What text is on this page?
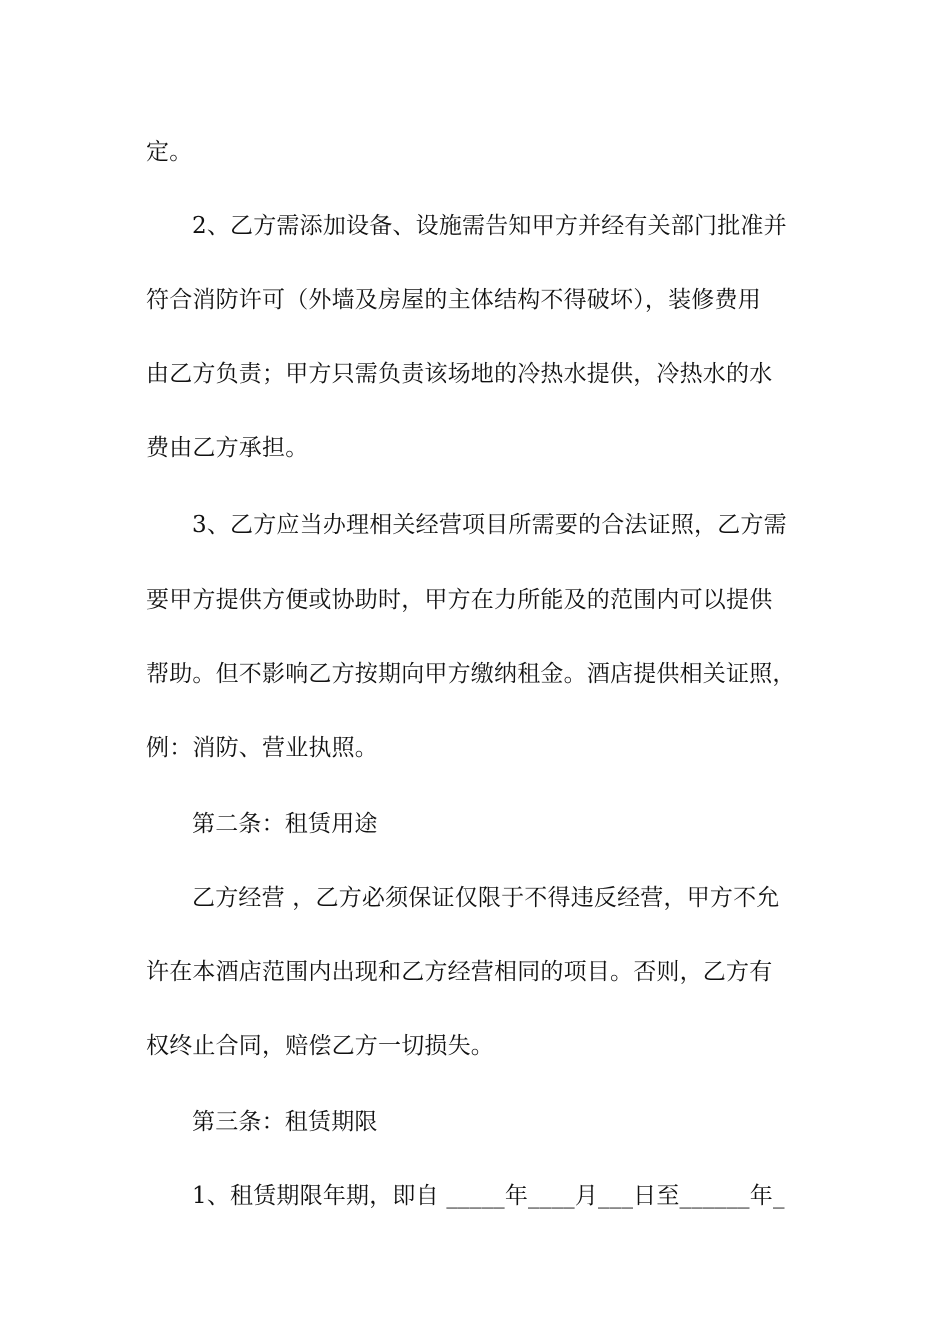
定。
2、乙方需添加设备、设施需告知甲方并经有关部门批准并
符合消防许可（外墙及房屋的主体结构不得破坏），装修费用
由乙方负责；甲方只需负责该场地的冷热水提供，冷热水的水
费由乙方承担。
3、乙方应当办理相关经营项目所需要的合法证照，乙方需
要甲方提供方便或协助时，甲方在力所能及的范围内可以提供
帮助。但不影响乙方按期向甲方缴纳租金。酒店提供相关证照，
例：消防、营业执照。
第二条：租赁用途
乙方经营 ，乙方必须保证仅限于不得违反经营，甲方不允
许在本酒店范围内出现和乙方经营相同的项目。否则，乙方有
权终止合同，赔偿乙方一切损失。
第三条：租赁期限
1、租赁期限年期，即自 _____年____月___日至______年_
